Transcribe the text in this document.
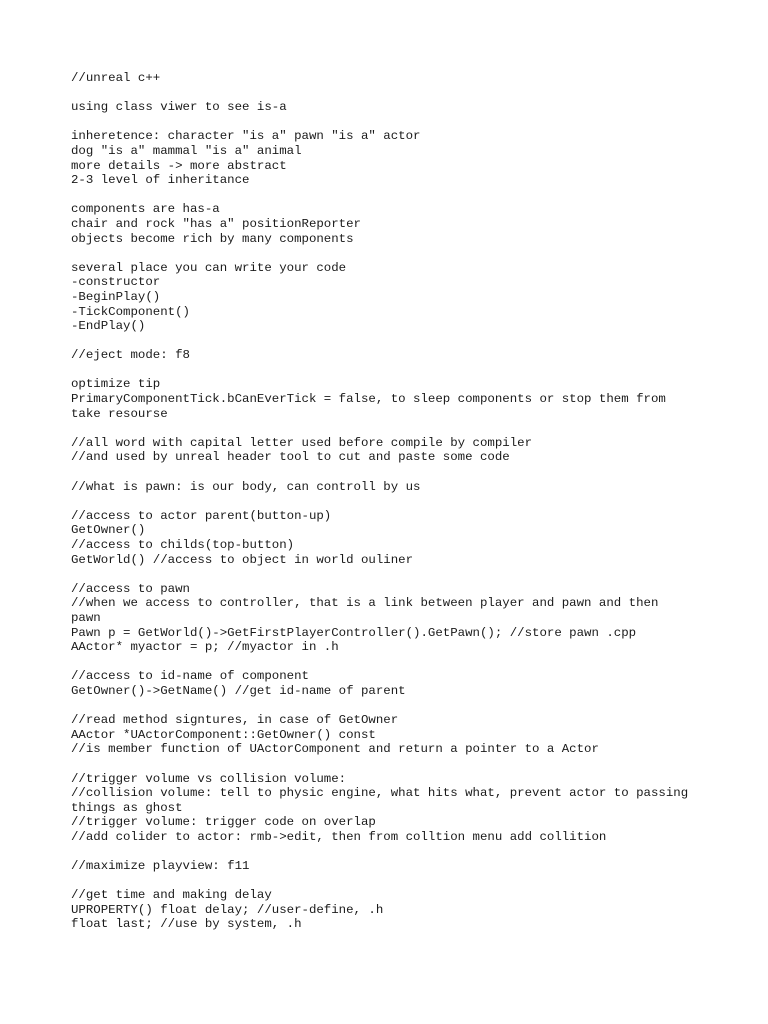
//unreal c++
using class viwer to see is-a
inheretence: character "is a" pawn "is a" actor
dog "is a" mammal "is a" animal
more details -> more abstract
2-3 level of inheritance
components are has-a
chair and rock "has a" positionReporter
objects become rich by many components
several place you can write your code
-constructor
-BeginPlay()
-TickComponent()
-EndPlay()
//eject mode: f8
optimize tip
PrimaryComponentTick.bCanEverTick = false, to sleep components or stop them from
take resourse
//all word with capital letter used before compile by compiler
//and used by unreal header tool to cut and paste some code
//what is pawn: is our body, can controll by us
//access to actor parent(button-up)
GetOwner()
//access to childs(top-button)
GetWorld() //access to object in world ouliner
//access to pawn
//when we access to controller, that is a link between player and pawn and then
pawn
Pawn p = GetWorld()->GetFirstPlayerController().GetPawn(); //store pawn .cpp
AActor* myactor = p; //myactor in .h
//access to id-name of component
GetOwner()->GetName() //get id-name of parent
//read method signtures, in case of GetOwner
AActor *UActorComponent::GetOwner() const
//is member function of UActorComponent and return a pointer to a Actor
//trigger volume vs collision volume:
//collision volume: tell to physic engine, what hits what, prevent actor to passing
things as ghost
//trigger volume: trigger code on overlap
//add colider to actor: rmb->edit, then from colltion menu add collition
//maximize playview: f11
//get time and making delay
UPROPERTY() float delay; //user-define, .h
float last; //use by system, .h
